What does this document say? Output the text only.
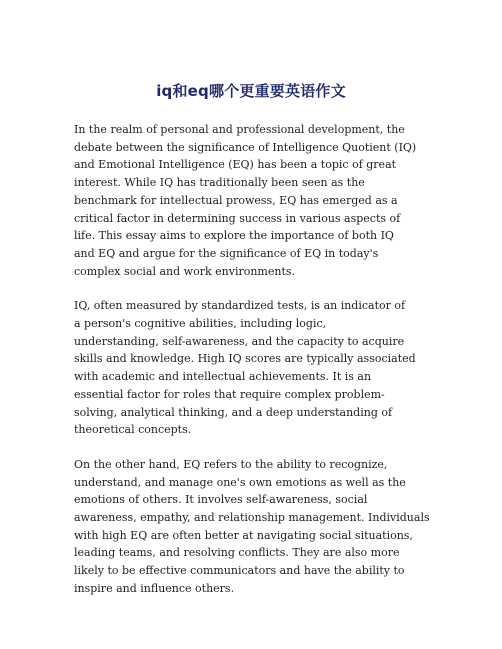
iq和eq哪个更重要英语作文
In the realm of personal and professional development, the
debate between the significance of Intelligence Quotient (IQ)
and Emotional Intelligence (EQ) has been a topic of great
interest. While IQ has traditionally been seen as the
benchmark for intellectual prowess, EQ has emerged as a
critical factor in determining success in various aspects of
life. This essay aims to explore the importance of both IQ
and EQ and argue for the significance of EQ in today's
complex social and work environments.
IQ, often measured by standardized tests, is an indicator of
a person's cognitive abilities, including logic,
understanding, self-awareness, and the capacity to acquire
skills and knowledge. High IQ scores are typically associated
with academic and intellectual achievements. It is an
essential factor for roles that require complex problem-
solving, analytical thinking, and a deep understanding of
theoretical concepts.
On the other hand, EQ refers to the ability to recognize,
understand, and manage one's own emotions as well as the
emotions of others. It involves self-awareness, social
awareness, empathy, and relationship management. Individuals
with high EQ are often better at navigating social situations,
leading teams, and resolving conflicts. They are also more
likely to be effective communicators and have the ability to
inspire and influence others.
